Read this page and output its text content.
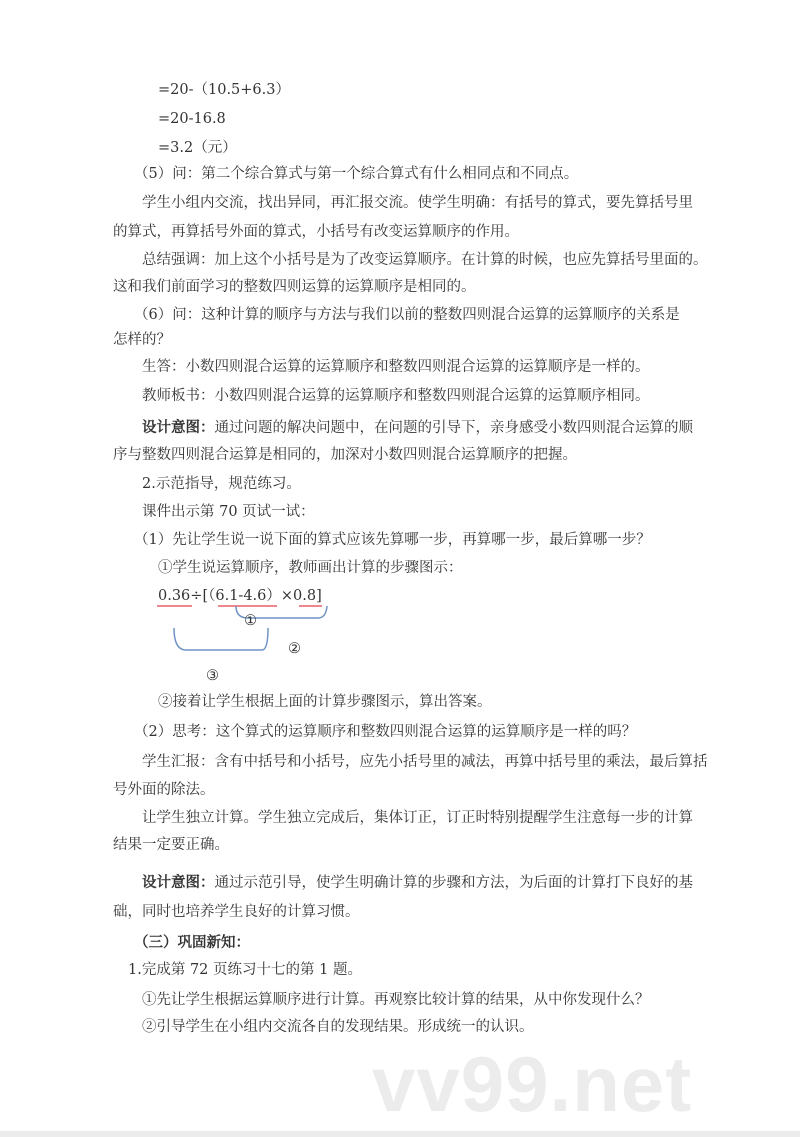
vv99.net
=20-（10.5+6.3）
=20-16.8
=3.2（元）
（5）问：第二个综合算式与第一个综合算式有什么相同点和不同点。
学生小组内交流，找出异同，再汇报交流。使学生明确：有括号的算式，要先算括号里
的算式，再算括号外面的算式，小括号有改变运算顺序的作用。
总结强调：加上这个小括号是为了改变运算顺序。在计算的时候，也应先算括号里面的。
这和我们前面学习的整数四则运算的运算顺序是相同的。
（6）问：这种计算的顺序与方法与我们以前的整数四则混合运算的运算顺序的关系是
怎样的？
生答：小数四则混合运算的运算顺序和整数四则混合运算的运算顺序是一样的。
教师板书：小数四则混合运算的运算顺序和整数四则混合运算的运算顺序相同。
设计意图：通过问题的解决问题中，在问题的引导下，亲身感受小数四则混合运算的顺
序与整数四则混合运算是相同的，加深对小数四则混合运算顺序的把握。
2.示范指导，规范练习。
课件出示第 70 页试一试：
（1）先让学生说一说下面的算式应该先算哪一步，再算哪一步，最后算哪一步？
①学生说运算顺序，教师画出计算的步骤图示：
0.36÷[（6.1-4.6）×0.8]
①
②
③
②接着让学生根据上面的计算步骤图示，算出答案。
（2）思考：这个算式的运算顺序和整数四则混合运算的运算顺序是一样的吗？
学生汇报：含有中括号和小括号，应先小括号里的减法，再算中括号里的乘法，最后算括
号外面的除法。
让学生独立计算。学生独立完成后，集体订正，订正时特别提醒学生注意每一步的计算
结果一定要正确。
设计意图：通过示范引导，使学生明确计算的步骤和方法，为后面的计算打下良好的基
础，同时也培养学生良好的计算习惯。
（三）巩固新知：
1.完成第 72 页练习十七的第 1 题。
①先让学生根据运算顺序进行计算。再观察比较计算的结果，从中你发现什么？
②引导学生在小组内交流各自的发现结果。形成统一的认识。
